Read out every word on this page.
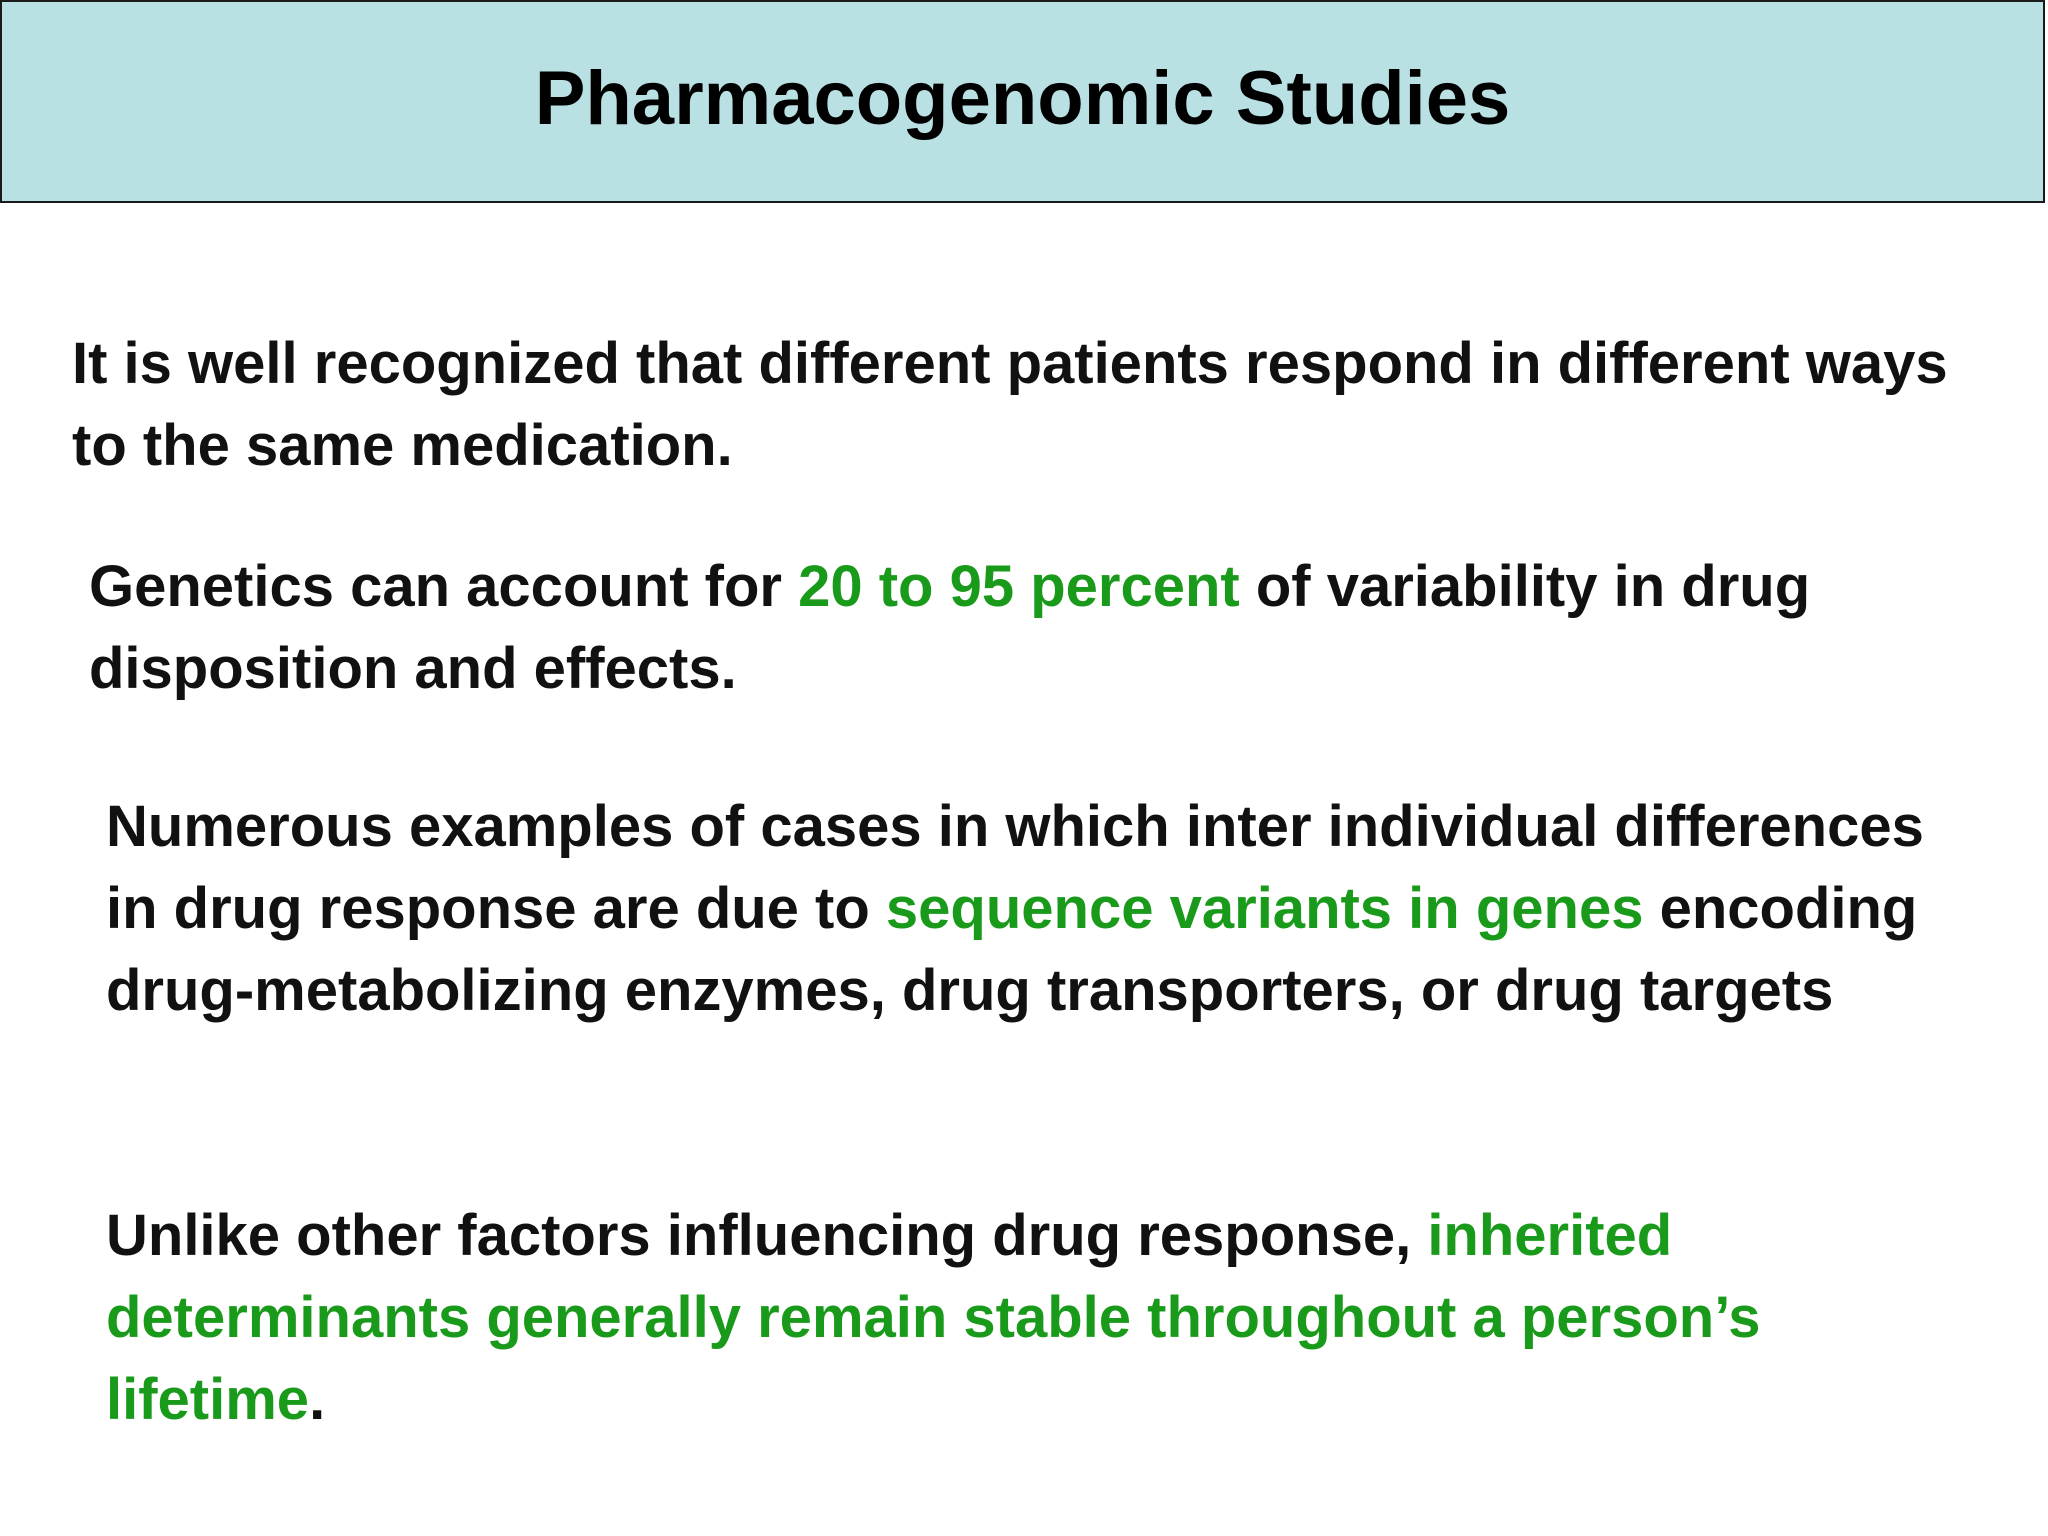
Pharmacogenomic Studies

It is well recognized that different patients respond in different ways to the same medication.

Genetics can account for 20 to 95 percent of variability in drug disposition and effects.

Numerous examples of cases in which inter individual differences in drug response are due to sequence variants in genes encoding drug-metabolizing enzymes, drug transporters, or drug targets

Unlike other factors influencing drug response, inherited determinants generally remain stable throughout a person’s lifetime.
